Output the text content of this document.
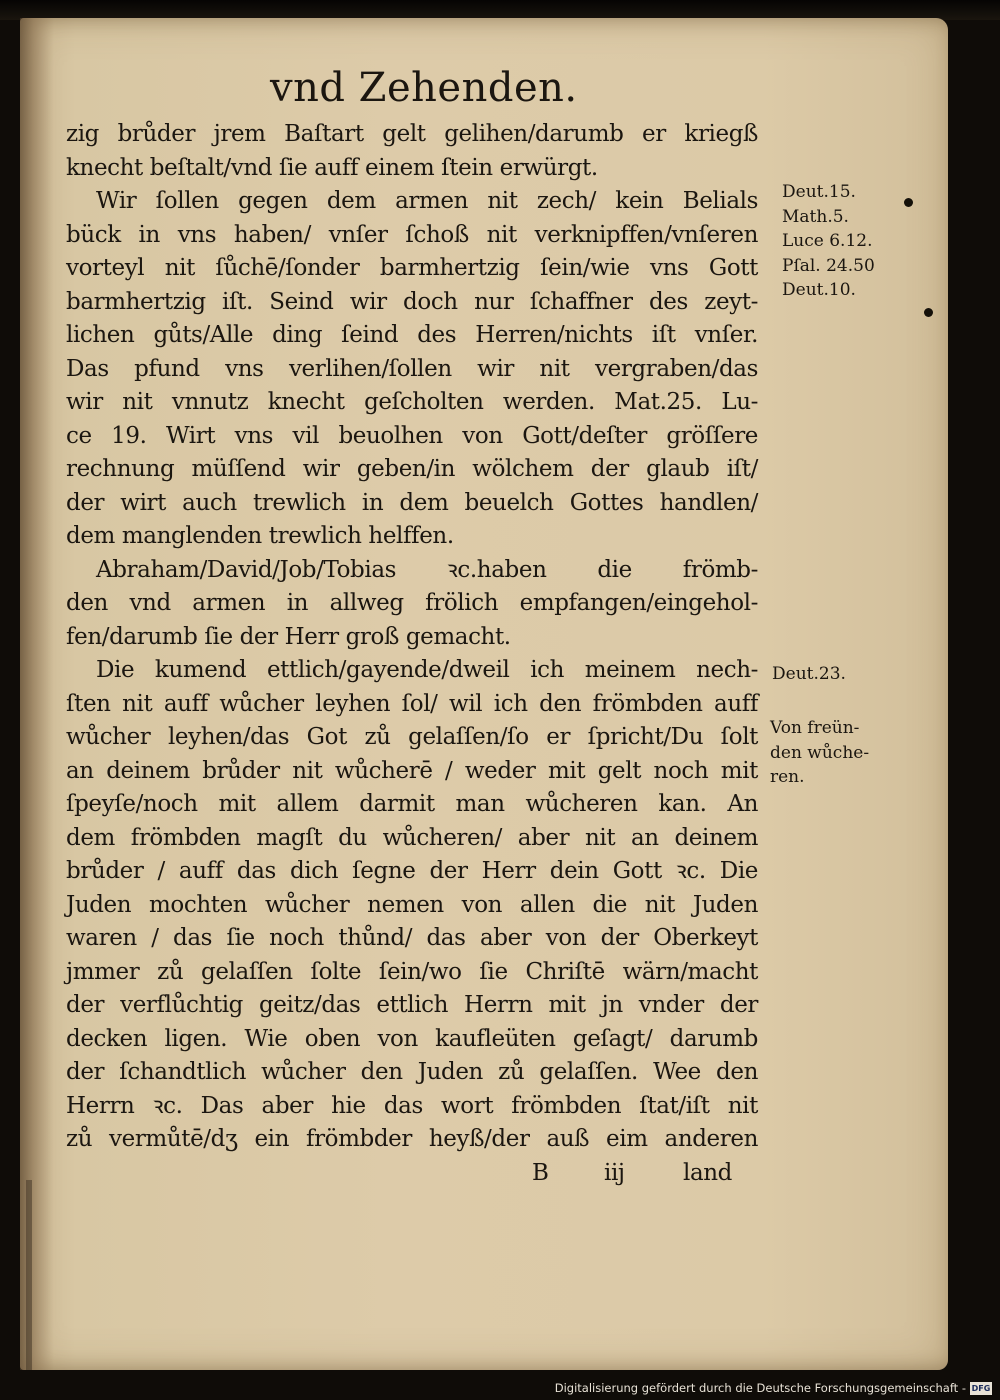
vnd Zehenden.
zig brůder jrem Baſtart gelt gelihen/darumb er kriegß
knecht beſtalt/vnd ſie auff einem ſtein erwürgt.
Wir ſollen gegen dem armen nit zech/ kein Belials
bück in vns haben/ vnſer ſchoß nit verknipffen/vnſeren
vorteyl nit ſůchē/ſonder barmhertzig ſein/wie vns Gott
barmhertzig iſt. Seind wir doch nur ſchaffner des zeyt-
lichen gůts/Alle ding ſeind des Herren/nichts iſt vnſer.
Das pfund vns verlihen/ſollen wir nit vergraben/das
wir nit vnnutz knecht geſcholten werden. Mat.25. Lu-
ce 19. Wirt vns vil beuolhen von Gott/deſter gröſſere
rechnung müſſend wir geben/in wölchem der glaub iſt/
der wirt auch trewlich in dem beuelch Gottes handlen/
dem manglenden trewlich helffen.
Abraham/David/Job/Tobias ꝛc.haben die frömb-
den vnd armen in allweg frölich empfangen/eingehol-
fen/darumb ſie der Herr groß gemacht.
Die kumend ettlich/gayende/dweil ich meinem nech-
ſten nit auff wůcher leyhen ſol/ wil ich den frömbden auff
wůcher leyhen/das Got zů gelaſſen/ſo er ſpricht/Du ſolt
an deinem brůder nit wůcherē / weder mit gelt noch mit
ſpeyſe/noch mit allem darmit man wůcheren kan. An
dem frömbden magſt du wůcheren/ aber nit an deinem
brůder / auff das dich ſegne der Herr dein Gott ꝛc. Die
Juden mochten wůcher nemen von allen die nit Juden
waren / das ſie noch thůnd/ das aber von der Oberkeyt
jmmer zů gelaſſen ſolte ſein/wo ſie Chriſtē wärn/macht
der verflůchtig geitz/das ettlich Herrn mit jn vnder der
decken ligen. Wie oben von kaufleüten geſagt/ darumb
der ſchandtlich wůcher den Juden zů gelaſſen. Wee den
Herrn ꝛc. Das aber hie das wort frömbden ſtat/iſt nit
zů vermůtē/dʒ ein frömbder heyß/der auß eim anderen
B iij	land
Deut.15.
Math.5.
Luce 6.12.
Pſal. 24.50
Deut.10.
Deut.23.
Von freün-
den wůche-
ren.
Digitalisierung gefördert durch die Deutsche Forschungsgemeinschaft - DFG
